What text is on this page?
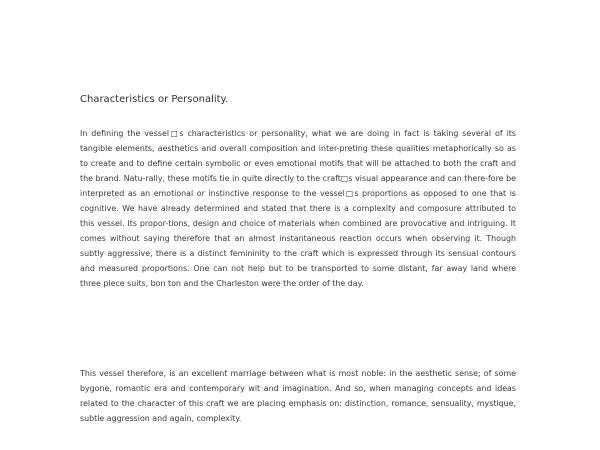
Characteristics or Personality.

In defining the vessel□s characteristics or personality, what we are doing in fact is taking several of its tangible elements, aesthetics and overall composition and inter-preting these qualities metaphorically so as to create and to define certain symbolic or even emotional motifs that will be attached to both the craft and the brand. Natu-rally, these motifs tie in quite directly to the craft□s visual appearance and can there-fore be interpreted as an emotional or instinctive response to the vessel□s proportions as opposed to one that is cognitive. We have already determined and stated that there is a complexity and composure attributed to this vessel. Its propor-tions, design and choice of materials when combined are provocative and intriguing. It comes without saying therefore that an almost instantaneous reaction occurs when observing it. Though subtly aggressive, there is a distinct femininity to the craft which is expressed through its sensual contours and measured proportions. One can not help but to be transported to some distant, far away land where three piece suits, bon ton and the Charleston were the order of the day.

This vessel therefore, is an excellent marriage between what is most noble: in the aesthetic sense; of some bygone, romantic era and contemporary wit and imagination. And so, when managing concepts and ideas related to the character of this craft we are placing emphasis on: distinction, romance, sensuality, mystique, subtle aggression and again, complexity.
